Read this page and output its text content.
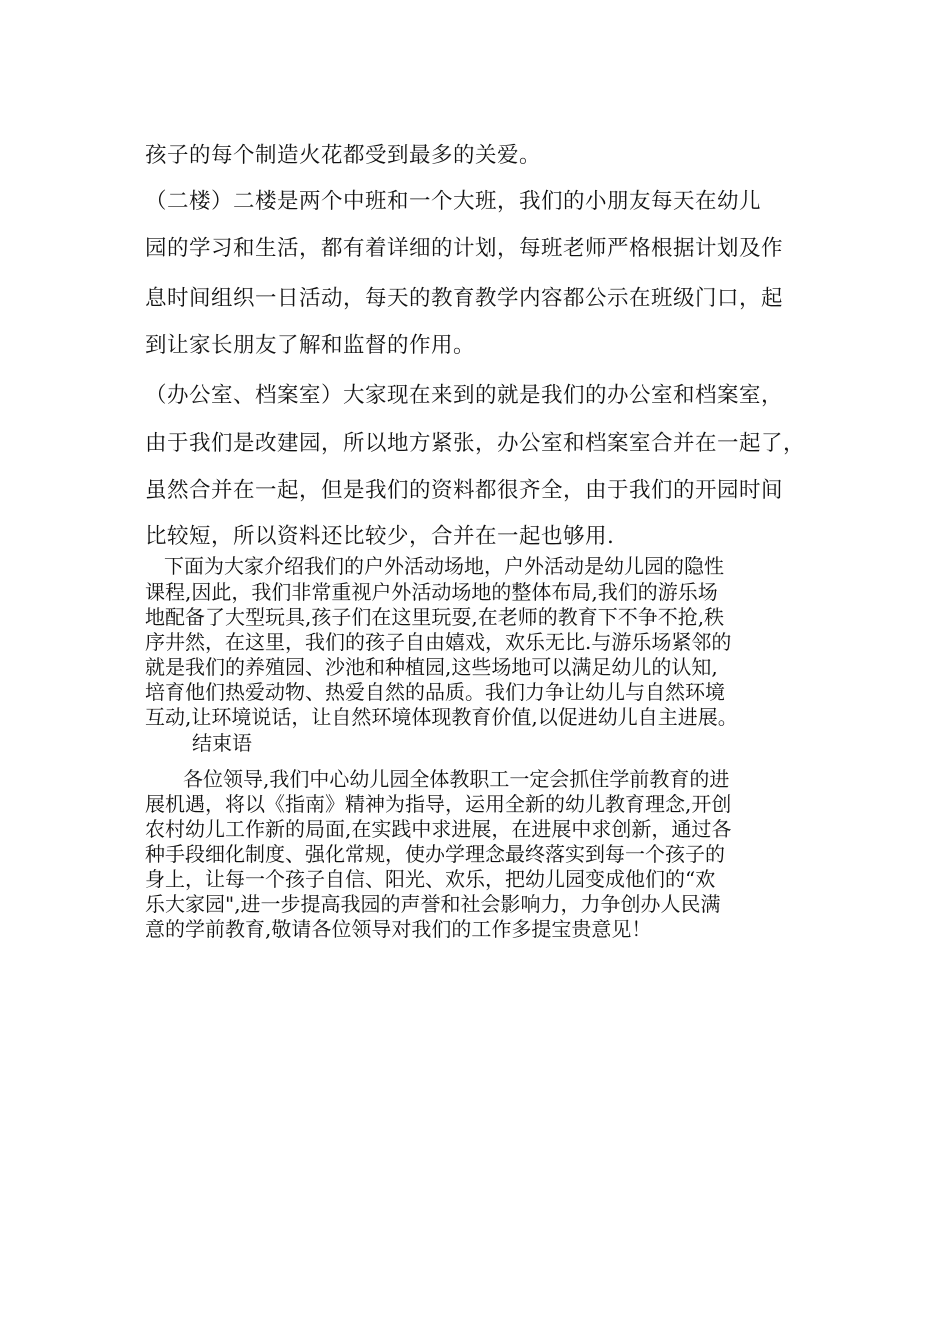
孩子的每个制造火花都受到最多的关爱。
（二楼）二楼是两个中班和一个大班，我们的小朋友每天在幼儿
园的学习和生活，都有着详细的计划，每班老师严格根据计划及作
息时间组织一日活动，每天的教育教学内容都公示在班级门口，起
到让家长朋友了解和监督的作用。
（办公室、档案室）大家现在来到的就是我们的办公室和档案室，
由于我们是改建园，所以地方紧张，办公室和档案室合并在一起了，
虽然合并在一起，但是我们的资料都很齐全，由于我们的开园时间
比较短，所以资料还比较少，合并在一起也够用.
下面为大家介绍我们的户外活动场地，户外活动是幼儿园的隐性
课程,因此，我们非常重视户外活动场地的整体布局,我们的游乐场
地配备了大型玩具,孩子们在这里玩耍,在老师的教育下不争不抢,秩
序井然，在这里，我们的孩子自由嬉戏，欢乐无比.与游乐场紧邻的
就是我们的养殖园、沙池和种植园,这些场地可以满足幼儿的认知,
培育他们热爱动物、热爱自然的品质。我们力争让幼儿与自然环境
互动,让环境说话，让自然环境体现教育价值,以促进幼儿自主进展。
结束语
各位领导,我们中心幼儿园全体教职工一定会抓住学前教育的进
展机遇，将以《指南》精神为指导，运用全新的幼儿教育理念,开创
农村幼儿工作新的局面,在实践中求进展，在进展中求创新，通过各
种手段细化制度、强化常规，使办学理念最终落实到每一个孩子的
身上，让每一个孩子自信、阳光、欢乐，把幼儿园变成他们的“欢
乐大家园",进一步提高我园的声誉和社会影响力，力争创办人民满
意的学前教育,敬请各位领导对我们的工作多提宝贵意见！
